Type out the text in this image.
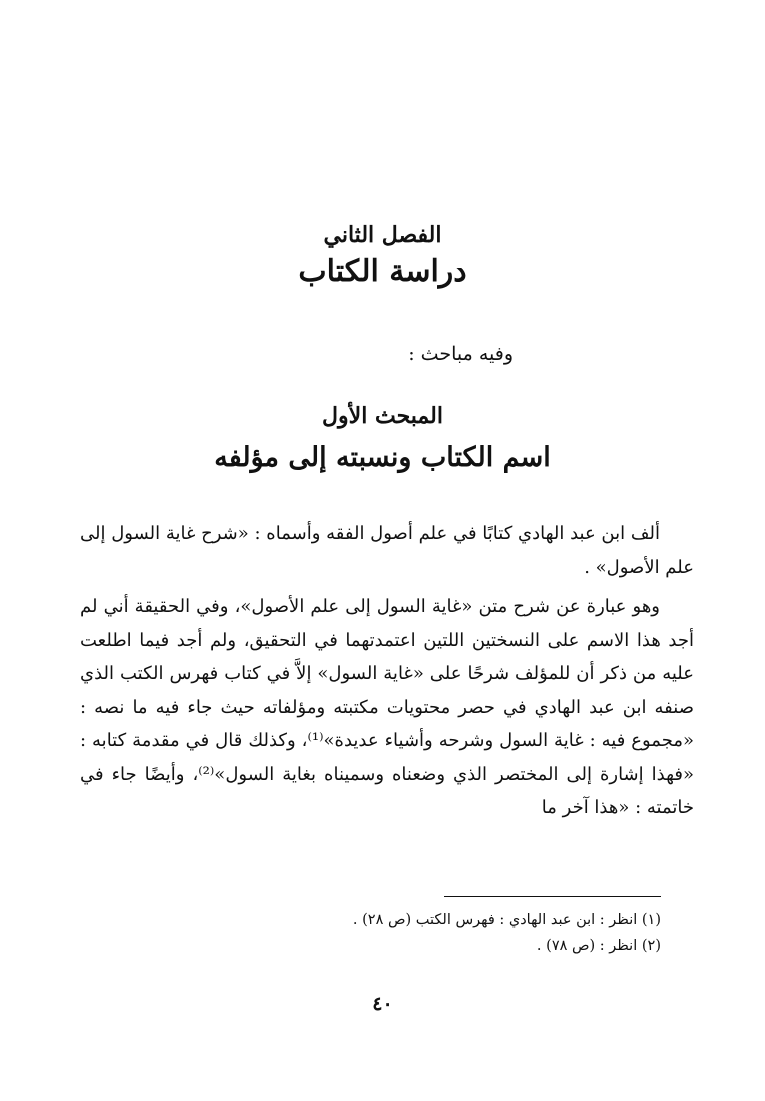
الفصل الثاني
دراسة الكتاب
وفيه مباحث :
المبحث الأول
اسم الكتاب ونسبته إلى مؤلفه

ألف ابن عبد الهادي كتابًا في علم أصول الفقه وأسماه : «شرح غاية السول إلى علم الأصول» .

وهو عبارة عن شرح متن «غاية السول إلى علم الأصول»، وفي الحقيقة أني لم أجد هذا الاسم على النسختين اللتين اعتمدتهما في التحقيق، ولم أجد فيما اطلعت عليه من ذكر أن للمؤلف شرحًا على «غاية السول» إلاَّ في كتاب فهرس الكتب الذي صنفه ابن عبد الهادي في حصر محتويات مكتبته ومؤلفاته حيث جاء فيه ما نصه : «مجموع فيه : غاية السول وشرحه وأشياء عديدة»⁽¹⁾، وكذلك قال في مقدمة كتابه : «فهذا إشارة إلى المختصر الذي وضعناه وسميناه بغاية السول»⁽²⁾، وأيضًا جاء في خاتمته : «هذا آخر ما

(١) انظر : ابن عبد الهادي : فهرس الكتب (ص ٢٨) .
(٢) انظر : (ص ٧٨) .
٤٠
